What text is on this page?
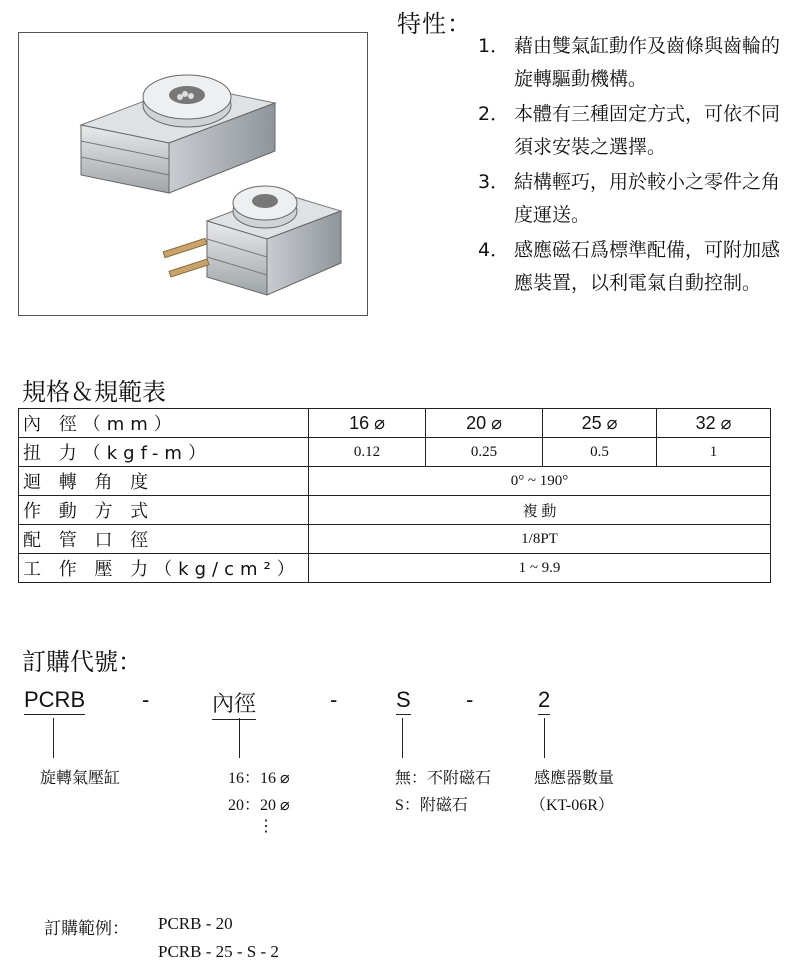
特性：
1． 藉由雙氣缸動作及齒條與齒輪的旋轉驅動機構。
2． 本體有三種固定方式，可依不同須求安裝之選擇。
3． 結構輕巧，用於較小之零件之角度運送。
4． 感應磁石爲標準配備，可附加感應裝置，以利電氣自動控制。
規格＆規範表
內 徑（mm）	16 ⌀	20 ⌀	25 ⌀	32 ⌀
扭 力（kgf-m）	0.12	0.25	0.5	1
迴 轉 角 度	0° ~ 190°			
作 動 方 式	複 動			
配 管 口 徑	1/8PT			
工 作 壓 力（kg/cm²）	1 ~ 9.9			
訂購代號：
PCRB	-	內徑	-	S	-	2
旋轉氣壓缸	16：16 ⌀
20：20 ⌀
⋮
無：不附磁石
S：附磁石
感應器數量
（KT-06R）
訂購範例： PCRB - 20
PCRB - 25 - S - 2
